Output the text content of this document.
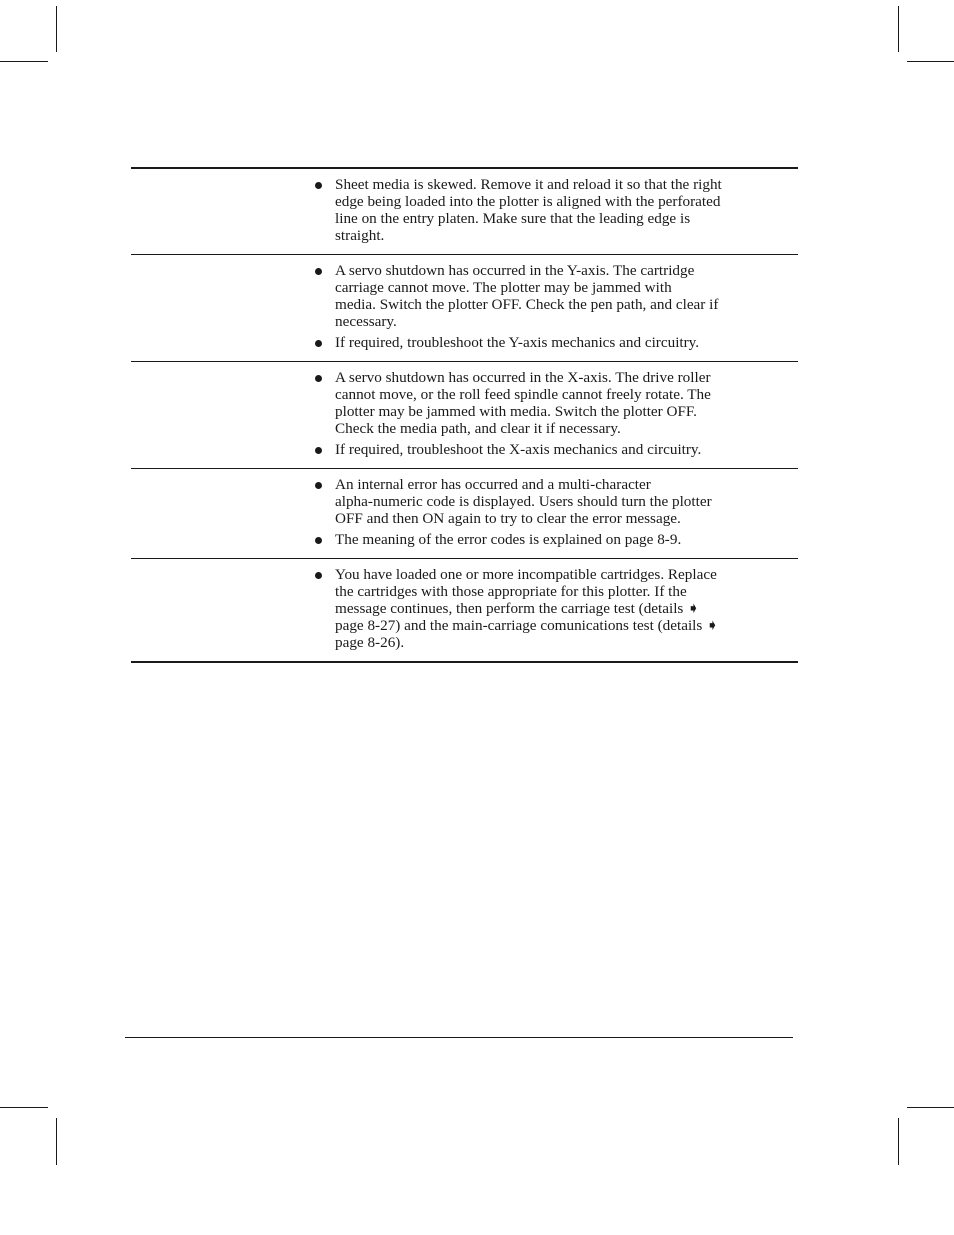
Sheet media is skewed. Remove it and reload it so that the right
edge being loaded into the plotter is aligned with the perforated
line on the entry platen. Make sure that the leading edge is
straight.
A servo shutdown has occurred in the Y-axis. The cartridge
carriage cannot move. The plotter may be jammed with
media. Switch the plotter OFF. Check the pen path, and clear if
necessary.
If required, troubleshoot the Y-axis mechanics and circuitry.
A servo shutdown has occurred in the X-axis. The drive roller
cannot move, or the roll feed spindle cannot freely rotate. The
plotter may be jammed with media. Switch the plotter OFF.
Check the media path, and clear it if necessary.
If required, troubleshoot the X-axis mechanics and circuitry.
An internal error has occurred and a multi-character
alpha-numeric code is displayed. Users should turn the plotter
OFF and then ON again to try to clear the error message.
The meaning of the error codes is explained on page 8-9.
You have loaded one or more incompatible cartridges. Replace
the cartridges with those appropriate for this plotter. If the
message continues, then perform the carriage test (details ➧
page 8-27) and the main-carriage comunications test (details ➧
page 8-26).
